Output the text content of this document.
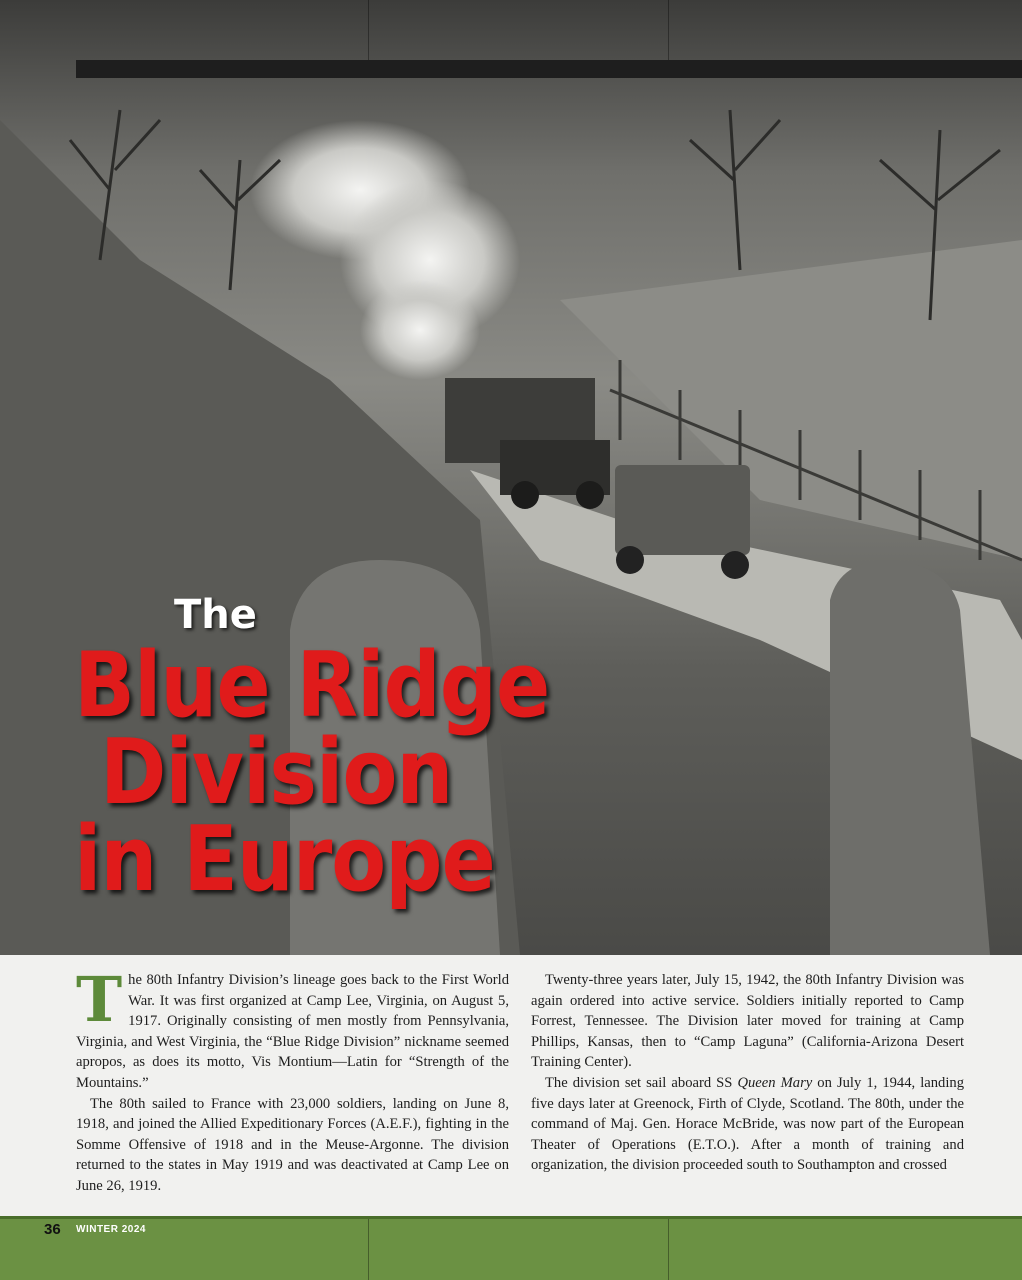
The
Blue Ridge
Division
in Europe

The 80th Infantry Division’s lineage goes back to the First World War. It was first organized at Camp Lee, Virginia, on August 5, 1917. Originally consisting of men mostly from Pennsylvania, Virginia, and West Virginia, the “Blue Ridge Division” nickname seemed apropos, as does its motto, Vis Montium—Latin for “Strength of the Mountains.”

The 80th sailed to France with 23,000 soldiers, landing on June 8, 1918, and joined the Allied Expeditionary Forces (A.E.F.), fighting in the Somme Offensive of 1918 and in the Meuse-Argonne. The division returned to the states in May 1919 and was deactivated at Camp Lee on June 26, 1919.

Twenty-three years later, July 15, 1942, the 80th Infantry Division was again ordered into active service. Soldiers initially reported to Camp Forrest, Tennessee. The Division later moved for training at Camp Phillips, Kansas, then to “Camp Laguna” (California-Arizona Desert Training Center).

The division set sail aboard SS Queen Mary on July 1, 1944, landing five days later at Greenock, Firth of Clyde, Scotland. The 80th, under the command of Maj. Gen. Horace McBride, was now part of the European Theater of Operations (E.T.O.). After a month of training and organization, the division proceeded south to Southampton and crossed

36 WINTER 2024
